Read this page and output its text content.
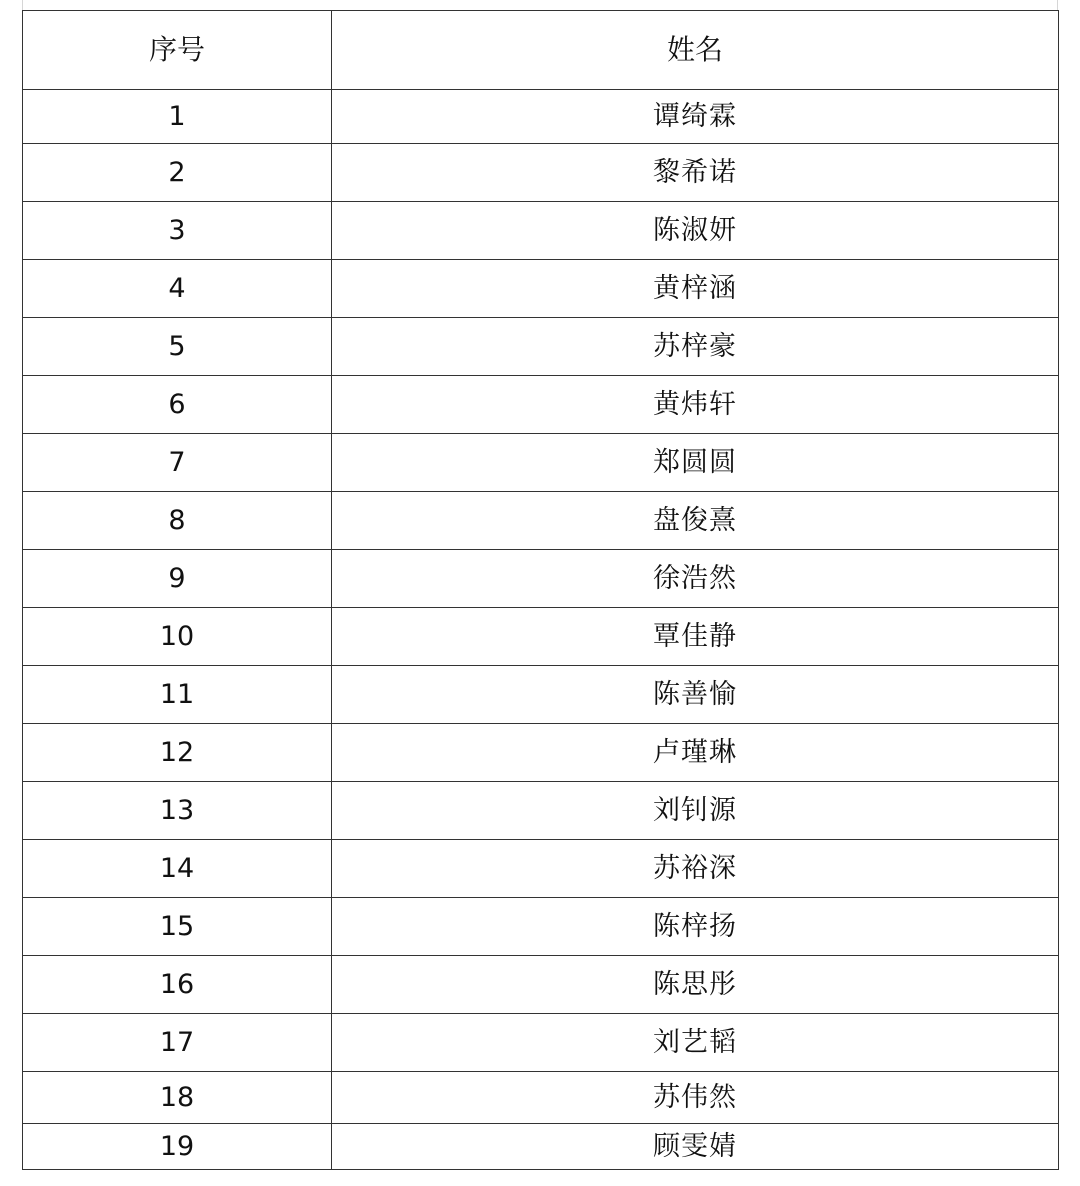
序号	姓名
1	谭绮霖
2	黎希诺
3	陈淑妍
4	黄梓涵
5	苏梓豪
6	黄炜轩
7	郑圆圆
8	盘俊熹
9	徐浩然
10	覃佳静
11	陈善愉
12	卢瑾琳
13	刘钊源
14	苏裕深
15	陈梓扬
16	陈思彤
17	刘艺韬
18	苏伟然
19	顾雯婧
